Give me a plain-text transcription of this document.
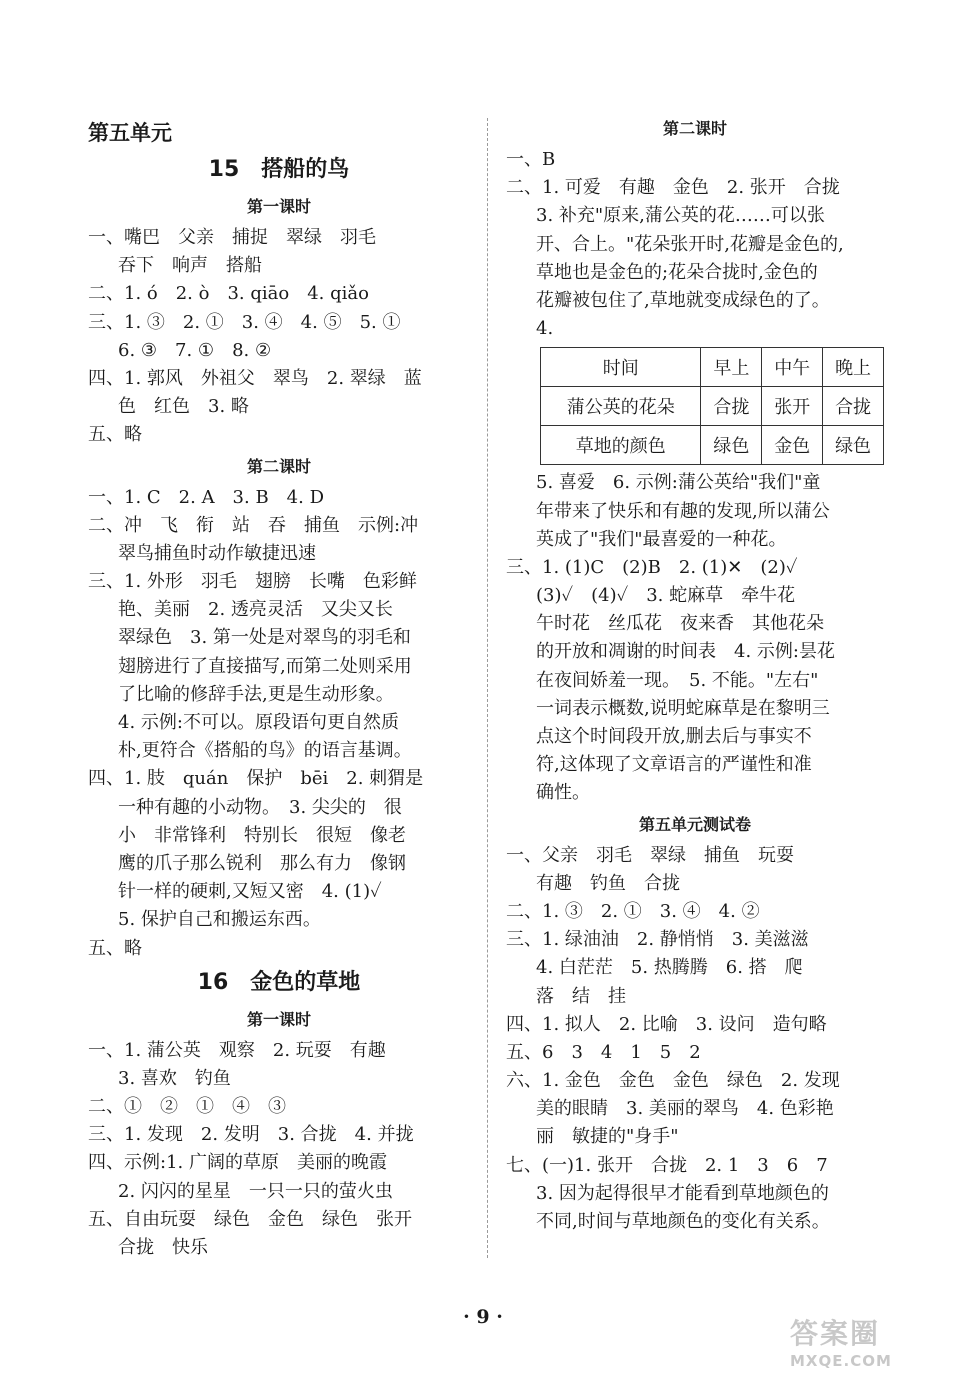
第五单元
15 搭船的鸟
第一课时
一、嘴巴　父亲　捕捉　翠绿　羽毛
吞下　响声　搭船
二、1. ó　2. ò　3. qiāo　4. qiǎo
三、1. ③　2. ①　3. ④　4. ⑤　5. ①
6. ③　7. ①　8. ②
四、1. 郭风　外祖父　翠鸟　2. 翠绿　蓝
色　红色　3. 略
五、略
第二课时
一、1. C　2. A　3. B　4. D
二、冲　飞　衔　站　吞　捕鱼　示例:冲
翠鸟捕鱼时动作敏捷迅速
三、1. 外形　羽毛　翅膀　长嘴　色彩鲜
艳、美丽　2. 透亮灵活　又尖又长
翠绿色　3. 第一处是对翠鸟的羽毛和
翅膀进行了直接描写,而第二处则采用
了比喻的修辞手法,更是生动形象。
4. 示例:不可以。原段语句更自然质
朴,更符合《搭船的鸟》的语言基调。
四、1. 肢　quán　保护　bēi　2. 刺猬是
一种有趣的小动物。　3. 尖尖的　很
小　非常锋利　特别长　很短　像老
鹰的爪子那么锐利　那么有力　像钢
针一样的硬刺,又短又密　4. (1)✓
5. 保护自己和搬运东西。
五、略
16 金色的草地
第一课时
一、1. 蒲公英　观察　2. 玩耍　有趣
3. 喜欢　钓鱼
二、①　②　①　④　③
三、1. 发现　2. 发明　3. 合拢　4. 并拢
四、示例:1. 广阔的草原　美丽的晚霞
2. 闪闪的星星　一只一只的萤火虫
五、自由玩耍　绿色　金色　绿色　张开
合拢　快乐
第二课时
一、B
二、1. 可爱　有趣　金色　2. 张开　合拢
3. 补充"原来,蒲公英的花……可以张
开、合上。"花朵张开时,花瓣是金色的,
草地也是金色的;花朵合拢时,金色的
花瓣被包住了,草地就变成绿色的了。
4.
时间	早上	中午	晚上
蒲公英的花朵	合拢	张开	合拢
草地的颜色	绿色	金色	绿色
5. 喜爱　6. 示例:蒲公英给"我们"童
年带来了快乐和有趣的发现,所以蒲公
英成了"我们"最喜爱的一种花。
三、1. (1)C　(2)B　2. (1)✕　(2)✓
(3)✓　(4)✓　3. 蛇麻草　牵牛花
午时花　丝瓜花　夜来香　其他花朵
的开放和凋谢的时间表　4. 示例:昙花
在夜间娇羞一现。　5. 不能。"左右"
一词表示概数,说明蛇麻草是在黎明三
点这个时间段开放,删去后与事实不
符,这体现了文章语言的严谨性和准
确性。
第五单元测试卷
一、父亲　羽毛　翠绿　捕鱼　玩耍
有趣　钓鱼　合拢
二、1. ③　2. ①　3. ④　4. ②
三、1. 绿油油　2. 静悄悄　3. 美滋滋
4. 白茫茫　5. 热腾腾　6. 搭　爬
落　结　挂
四、1. 拟人　2. 比喻　3. 设问　造句略
五、6　3　4　1　5　2
六、1. 金色　金色　金色　绿色　2. 发现
美的眼睛　3. 美丽的翠鸟　4. 色彩艳
丽　敏捷的"身手"
七、(一)1. 张开　合拢　2. 1　3　6　7
3. 因为起得很早才能看到草地颜色的
不同,时间与草地颜色的变化有关系。
· 9 ·	答案圈
MXQE.COM
